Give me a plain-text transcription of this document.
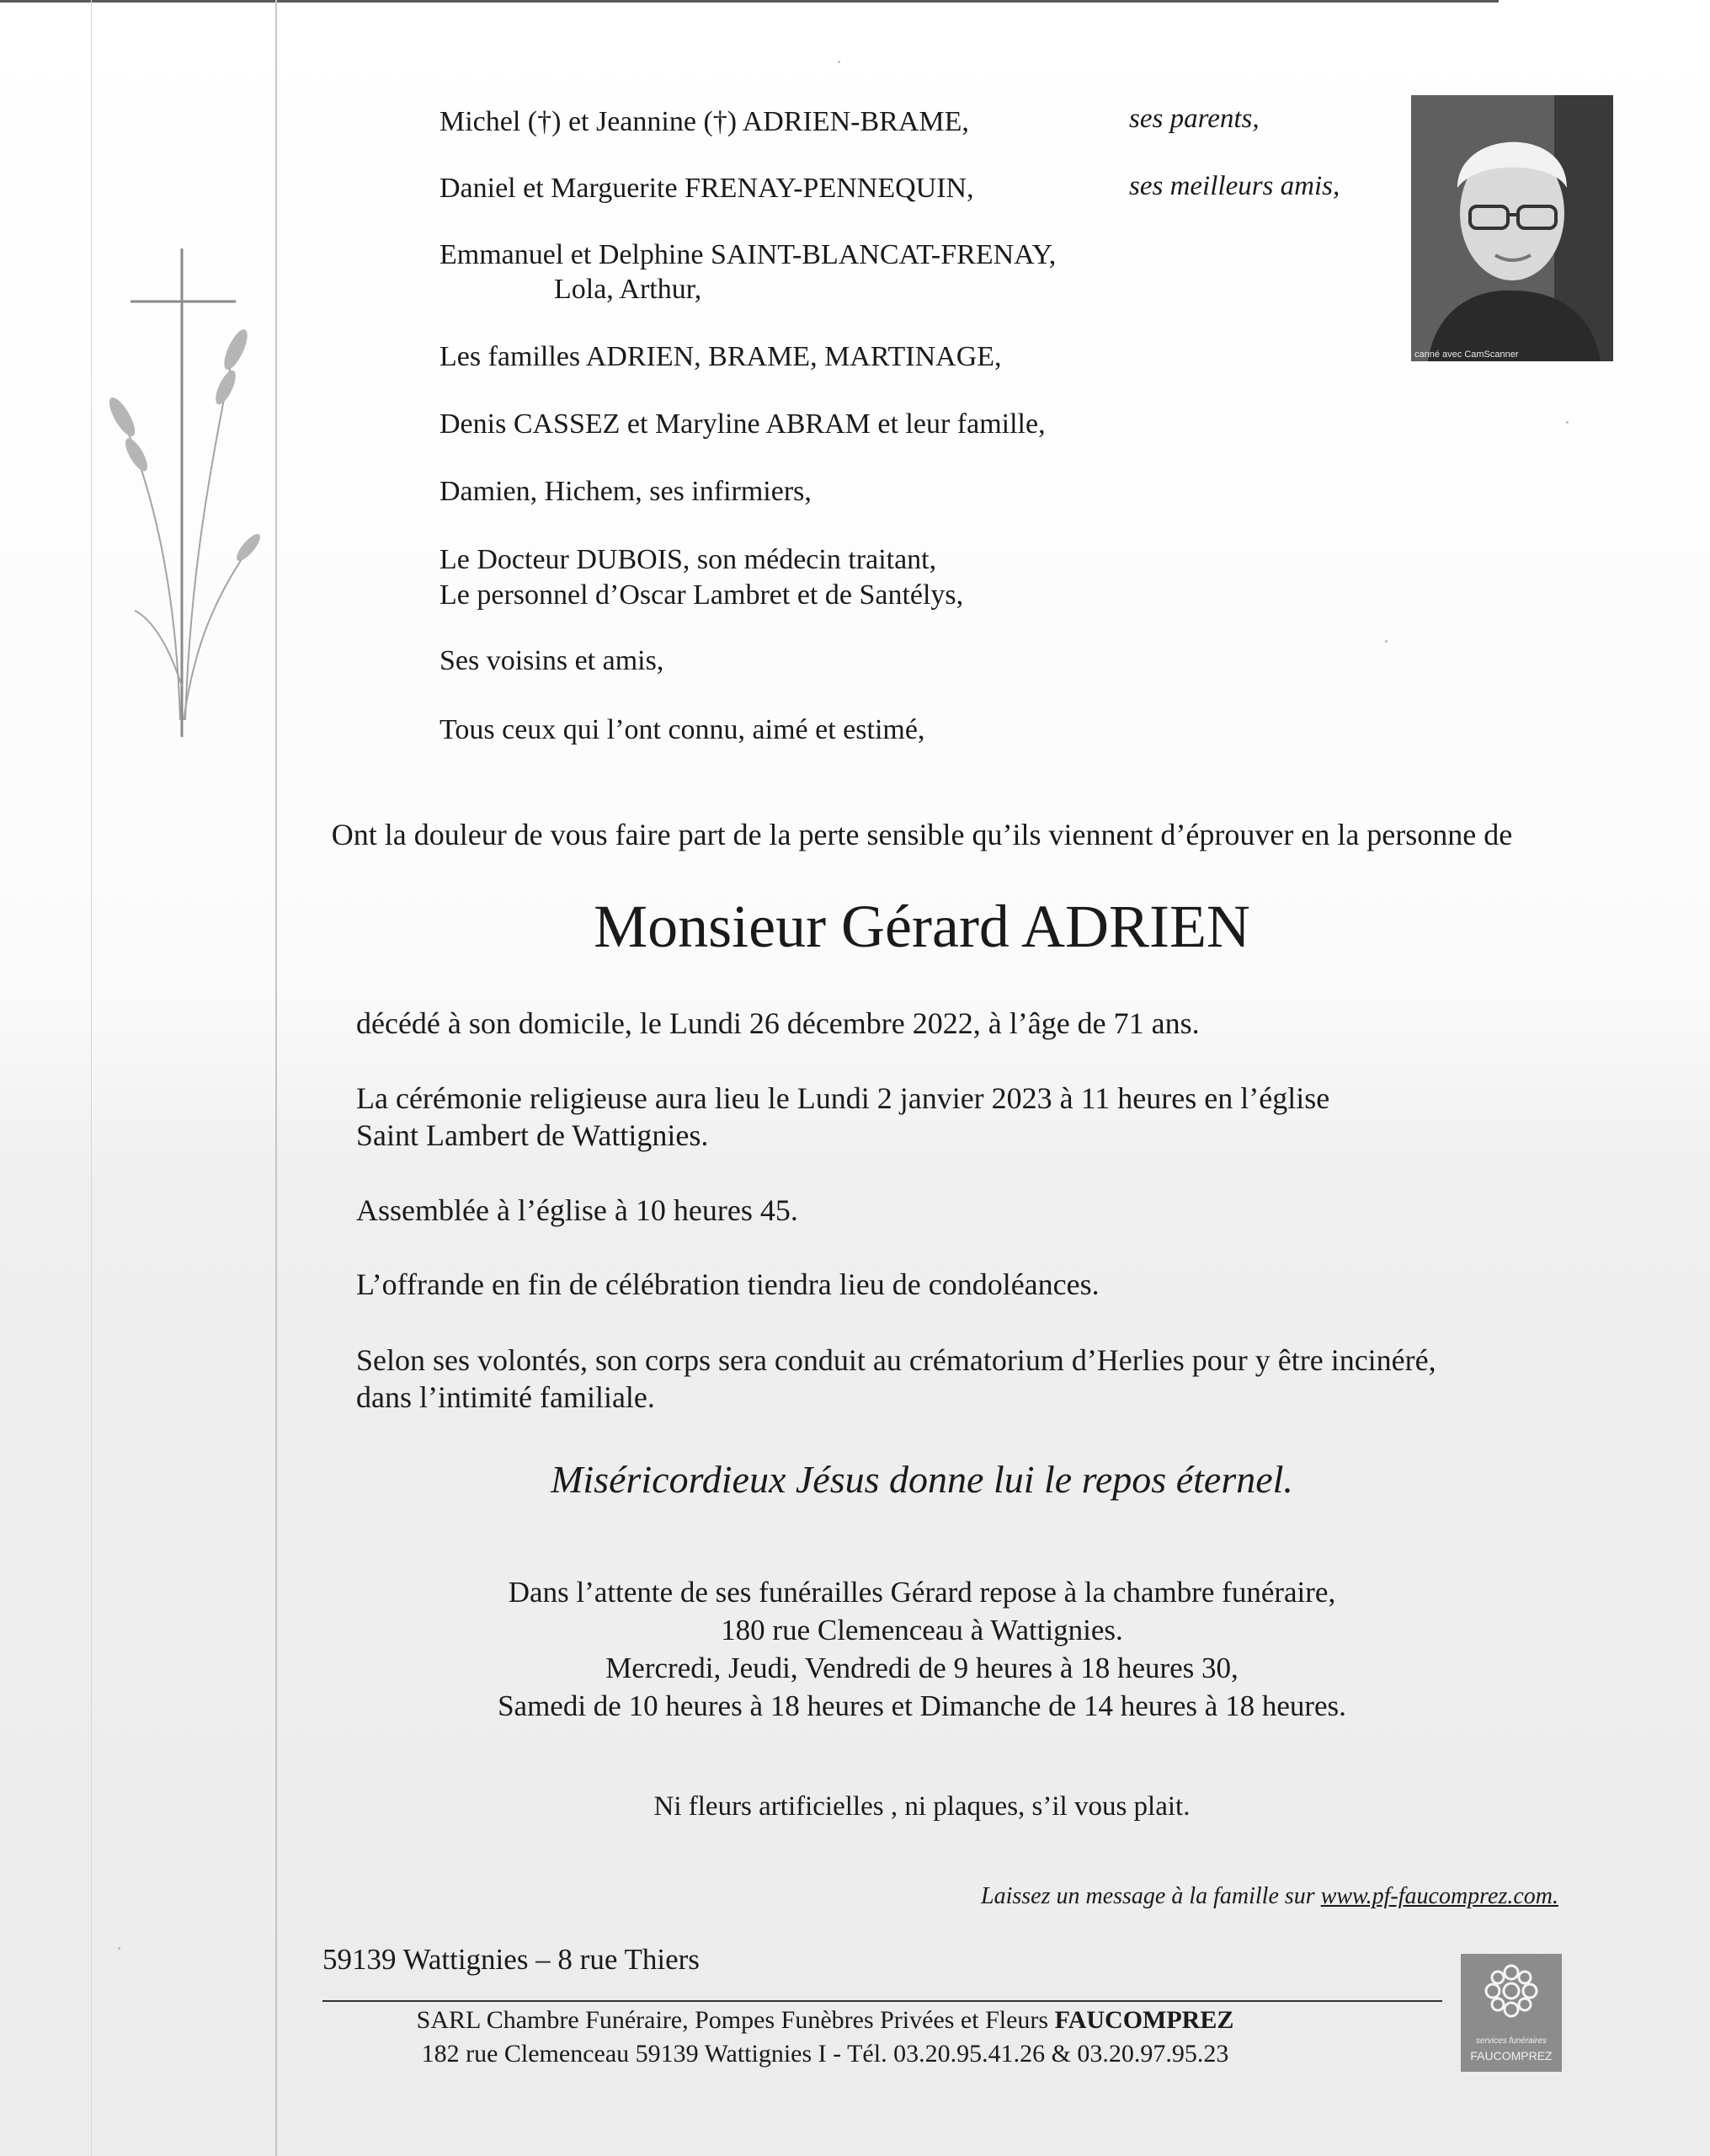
Michel (†) et Jeannine (†) ADRIEN-BRAME,	ses parents,
Daniel et Marguerite FRENAY-PENNEQUIN,	ses meilleurs amis,
Emmanuel et Delphine SAINT-BLANCAT-FRENAY,
Lola, Arthur,
Les familles ADRIEN, BRAME, MARTINAGE,
Denis CASSEZ et Maryline ABRAM et leur famille,
Damien, Hichem, ses infirmiers,
Le Docteur DUBOIS, son médecin traitant,
Le personnel d’Oscar Lambret et de Santélys,
Ses voisins et amis,
Tous ceux qui l’ont connu, aimé et estimé,
canné avec CamScanner
Ont la douleur de vous faire part de la perte sensible qu’ils viennent d’éprouver en la personne de
Monsieur Gérard ADRIEN
décédé à son domicile, le Lundi 26 décembre 2022, à l’âge de 71 ans.
La cérémonie religieuse aura lieu le Lundi 2 janvier 2023 à 11 heures en l’église
Saint Lambert de Wattignies.
Assemblée à l’église à 10 heures 45.
L’offrande en fin de célébration tiendra lieu de condoléances.
Selon ses volontés, son corps sera conduit au crématorium d’Herlies pour y être incinéré,
dans l’intimité familiale.
Miséricordieux Jésus donne lui le repos éternel.
Dans l’attente de ses funérailles Gérard repose à la chambre funéraire,
180 rue Clemenceau à Wattignies.
Mercredi, Jeudi, Vendredi de 9 heures à 18 heures 30,
Samedi de 10 heures à 18 heures et Dimanche de 14 heures à 18 heures.
Ni fleurs artificielles , ni plaques, s’il vous plait.
Laissez un message à la famille sur www.pf-faucomprez.com.
59139 Wattignies – 8 rue Thiers
SARL Chambre Funéraire, Pompes Funèbres Privées et Fleurs FAUCOMPREZ
182 rue Clemenceau 59139 Wattignies I - Tél. 03.20.95.41.26 & 03.20.97.95.23	services funéraires
FAUCOMPREZ
